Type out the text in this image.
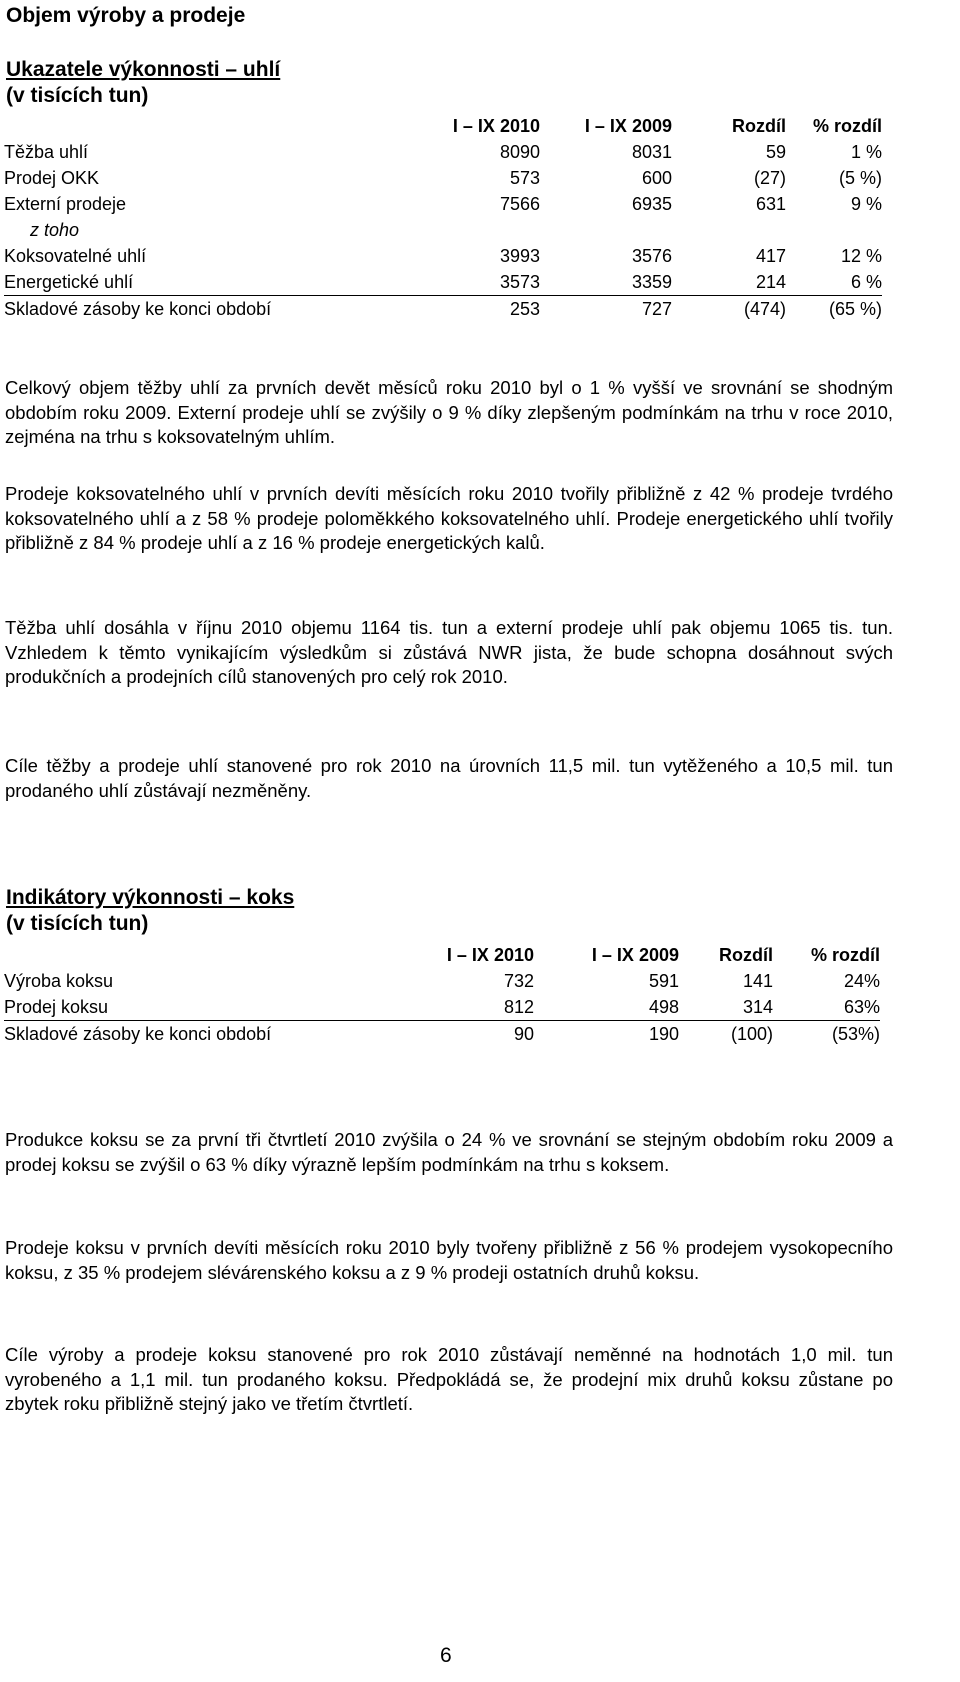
Objem výroby a prodeje
Ukazatele výkonnosti – uhlí
(v tisících tun)
	I – IX 2010	I – IX 2009	Rozdíl	% rozdíl
Těžba uhlí	8090	8031	59	1 %
Prodej OKK	573	600	(27)	(5 %)
Externí prodeje	7566	6935	631	9 %
z toho				
Koksovatelné uhlí	3993	3576	417	12 %
Energetické uhlí	3573	3359	214	6 %
Skladové zásoby ke konci období	253	727	(474)	(65 %)
Celkový objem těžby uhlí za prvních devět měsíců roku 2010 byl o 1 % vyšší ve srovnání se shodným obdobím roku 2009. Externí prodeje uhlí se zvýšily o 9 % díky zlepšeným podmínkám na trhu v roce 2010, zejména na trhu s koksovatelným uhlím.
Prodeje koksovatelného uhlí v prvních devíti měsících roku 2010 tvořily přibližně z 42 % prodeje tvrdého koksovatelného uhlí a z 58 % prodeje poloměkkého koksovatelného uhlí. Prodeje energetického uhlí tvořily přibližně z 84 % prodeje uhlí a z 16 % prodeje energetických kalů.
Těžba uhlí dosáhla v říjnu 2010 objemu 1164 tis. tun a externí prodeje uhlí pak objemu 1065 tis. tun. Vzhledem k těmto vynikajícím výsledkům si zůstává NWR jista, že bude schopna dosáhnout svých produkčních a prodejních cílů stanovených pro celý rok 2010.
Cíle těžby a prodeje uhlí stanovené pro rok 2010 na úrovních 11,5 mil. tun vytěženého a 10,5 mil. tun prodaného uhlí zůstávají nezměněny.
Indikátory výkonnosti – koks
(v tisících tun)
	I – IX 2010	I – IX 2009	Rozdíl	% rozdíl
Výroba koksu	732	591	141	24%
Prodej koksu	812	498	314	63%
Skladové zásoby ke konci období	90	190	(100)	(53%)
Produkce koksu se za první tři čtvrtletí 2010 zvýšila o 24 % ve srovnání se stejným obdobím roku 2009 a prodej koksu se zvýšil o 63 % díky výrazně lepším podmínkám na trhu s koksem.
Prodeje koksu v prvních devíti měsících roku 2010 byly tvořeny přibližně z 56 % prodejem vysokopecního koksu, z 35 % prodejem slévárenského koksu a z 9 % prodeji ostatních druhů koksu.
Cíle výroby a prodeje koksu stanovené pro rok 2010 zůstávají neměnné na hodnotách 1,0 mil. tun vyrobeného a 1,1 mil. tun prodaného koksu. Předpokládá se, že prodejní mix druhů koksu zůstane po zbytek roku přibližně stejný jako ve třetím čtvrtletí.
6
